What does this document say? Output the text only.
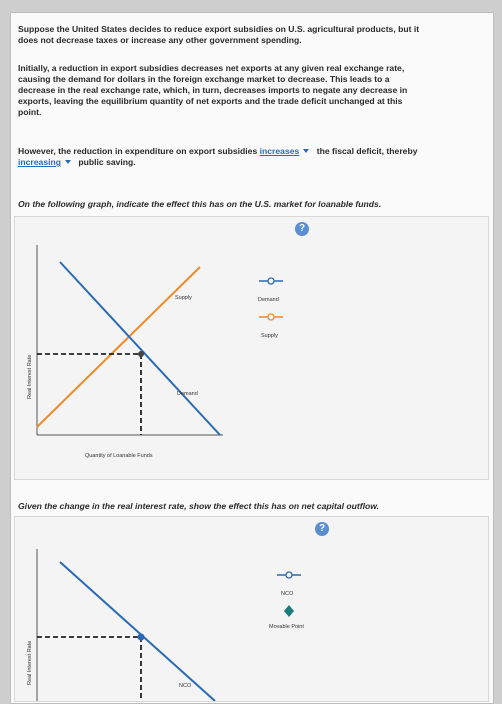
Suppose the United States decides to reduce export subsidies on U.S. agricultural products, but it
does not decrease taxes or increase any other government spending.
Initially, a reduction in export subsidies decreases net exports at any given real exchange rate,
causing the demand for dollars in the foreign exchange market to decrease. This leads to a
decrease in the real exchange rate, which, in turn, decreases imports to negate any decrease in
exports, leaving the equilibrium quantity of net exports and the trade deficit unchanged at this
point.
However, the reduction in expenditure on export subsidies increases the fiscal deficit, thereby
increasing public saving.
On the following graph, indicate the effect this has on the U.S. market for loanable funds.
?
Supply
Demand
Quantity of Loanable Funds
Real Interest Rate
Demand
Supply
Given the change in the real interest rate, show the effect this has on net capital outflow.
?
NCO
Real Interest Rate
NCO
Movable Point
